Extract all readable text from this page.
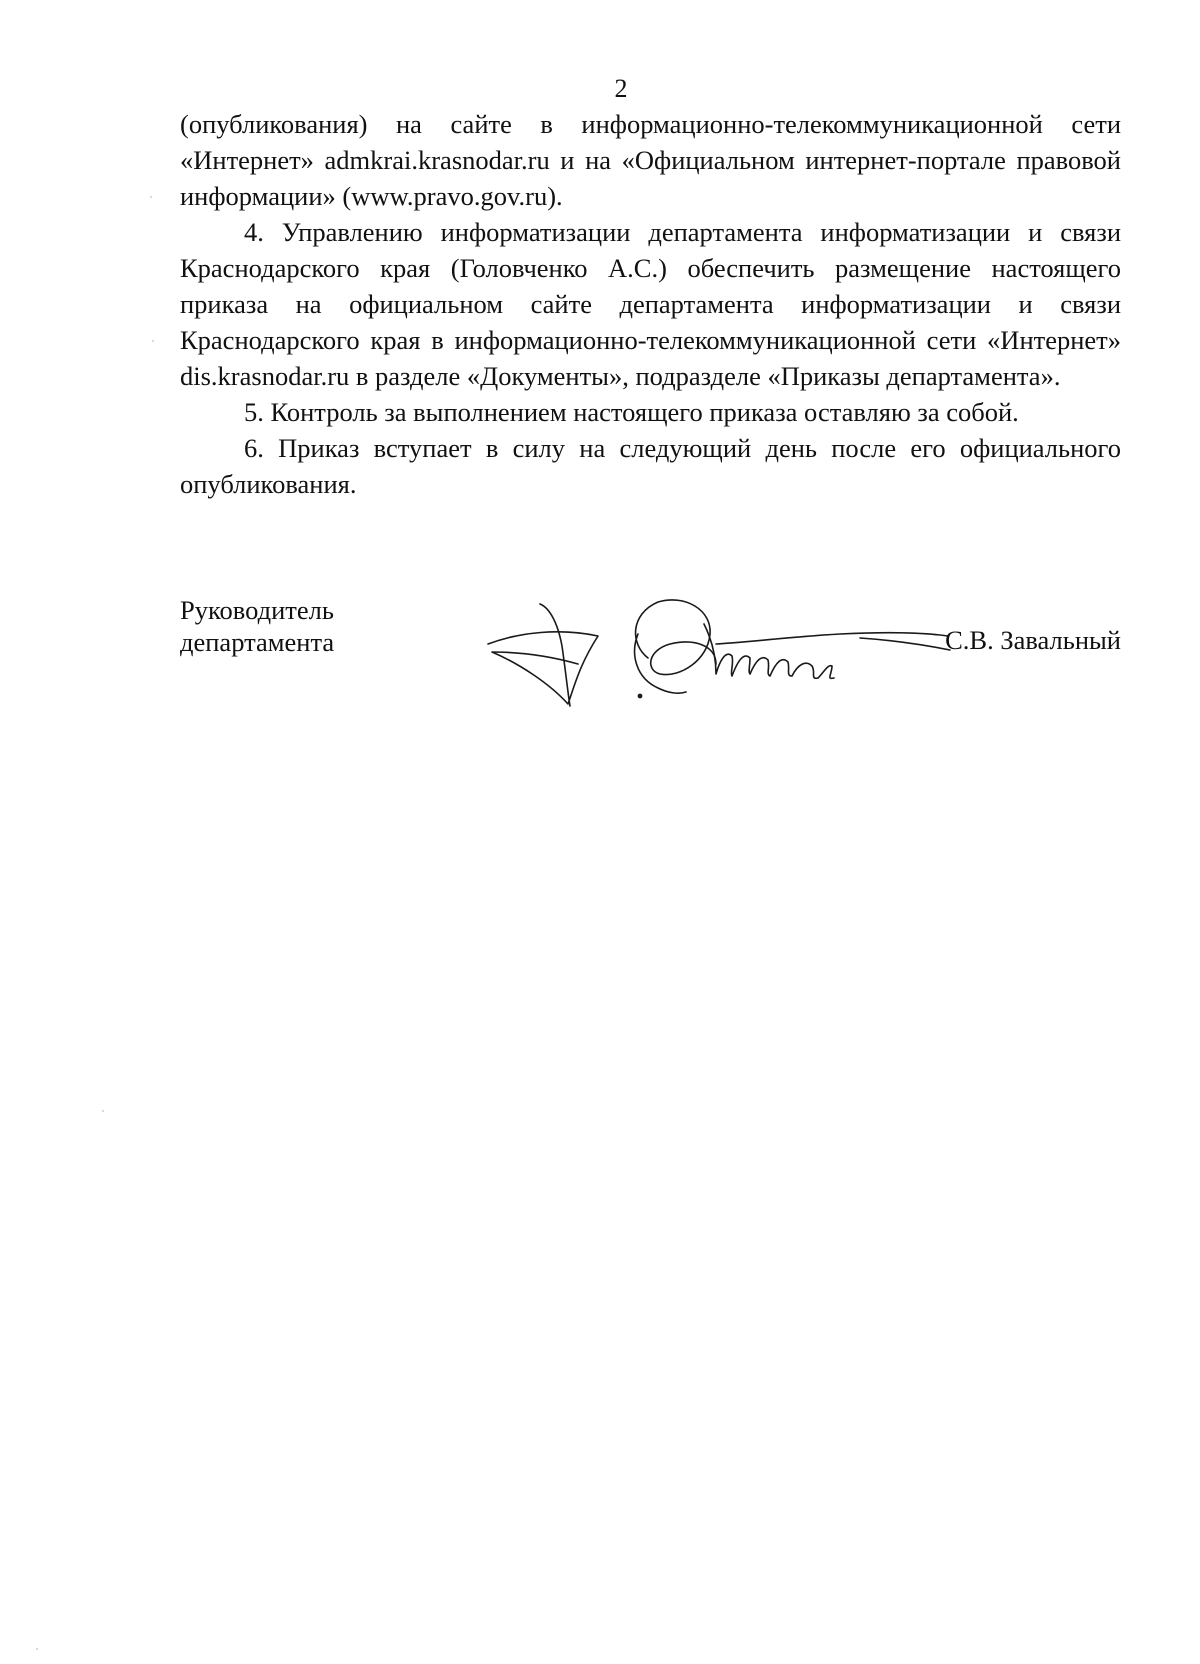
2

(опубликования) на сайте в информационно-телекоммуникационной сети «Интернет» admkrai.krasnodar.ru и на «Официальном интернет-портале правовой информации» (www.pravo.gov.ru).

4. Управлению информатизации департамента информатизации и связи Краснодарского края (Головченко А.С.) обеспечить размещение настоящего приказа на официальном сайте департамента информатизации и связи Краснодарского края в информационно-телекоммуникационной сети «Интернет» dis.krasnodar.ru в разделе «Документы», подразделе «Приказы департамента».

5. Контроль за выполнением настоящего приказа оставляю за собой.

6. Приказ вступает в силу на следующий день после его официального опубликования.

Руководитель
департамента	С.В. Завальный
